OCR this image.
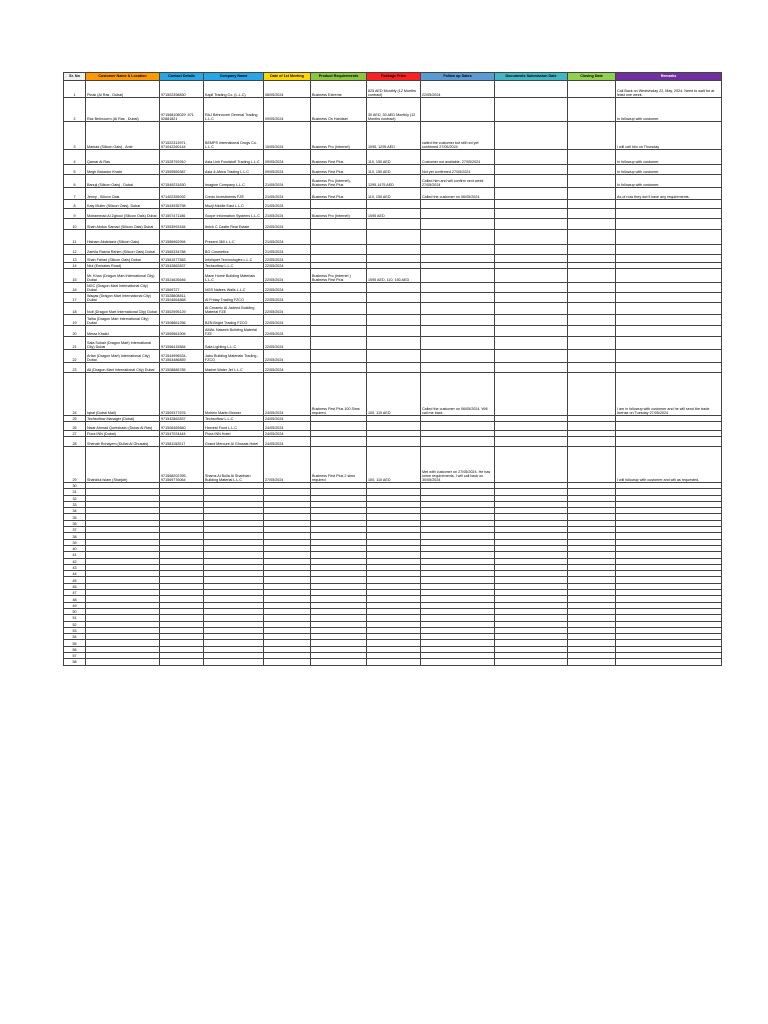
Sr. No	Customer Name & Location	Contact Details	Company Name	Date of 1st Meeting	Product Requirements	Package Price	Follow up Dates	Documents Submission Date	Closing Date	Remarks
1	Pinak (Al Ras , Dubai)	971502398830	Kapil Trading Co. (L.L.C)	08/05/2024	Business Extreme	825 AED Monthly (12 Months contract)	22/05/2024			Call Back on Wednesday 22, May, 2024. Need to wait for at least one week.
2	Raz Behnoorm (Al Ras , Dubai)	971568108029 ,971 52881821	RAJ Behnoorm General Trading L.L.C	09/05/2024	Business On Handset	30 AED, 30 AED Monthly (12 Months contract)				In followup with customer.
3	Mamad (Silicon Oais) , Amir	971522313971, 971042260144	BEMPS International Drugs Co. L.L.C	15/05/2024	Business Pro (Internet)	1095, 1295 AED	called the customer but still not yet confirmed 27/05/2024			I will call him on Thursday
4	Qamar Al Ras	971528792910	Asia Link Foodstuff Trading L.L.C	09/05/2024	Business First Plus	110, 150 AED	Customer not available. 27/05/2024			In followup with customer.
5	Megh Bahadur Khatri	971559569387	Asia & Africa Trading L.L.C	09/05/2024	Business First Plus	110, 150 AED	Not yet confirmed 27/05/2024			In followup with customer.
6	Banuji (Silicon Oais) , Dubai	971549231630	Imagine Company L.L.C	21/05/2024	Business Pro (Internet), Business First Plus	1295,1475 AED	Called him and will confirm next week 27/05/2024			In followup with customer.
7	Jenny , Silicon Oais	971402355092	Credo Investments FZE	21/05/2024	Business First Plus	110, 150 AED	Called the customer on 06/05/2024.			As of now they don't have any requirements.
8	Katy Muller (Silicon Oais), Dubai	971543935798	Muzji Middle East L.L.C	21/05/2024						
9	Mohammad Al Zghoul (Silicon Oais) Dubai	971507471186	Scope Information Systems L.L.C	21/05/2024	Business Pro (Internet)	1095 AED				
10	Shah Abdus Samad (Silicon Oais) Dubai	971553993184	Ibrich C Castle Real Estate	22/05/2024						
11	Hisham Abdelaziz (Silicon Oais)	971586962994	Present 360 L.L.C	21/05/2024						
12	Zamila Rasha Rahim (Silicon Oais) Dubai	971565334788	BG Cosmetics	21/05/2024						
13	Shah Fahad (Silicon Oais) Dubai	971581577583	Infoliquet Technologies L.L.C	22/05/2024						
14	Niul (Emirates Road)	971542862837	Techsoftow L.L.C	22/05/2024						
15	Mr. Khan (Dragon Mart International City) Dubai	971524626546	Maze Home Building Materials L.L.C	22/05/2024	Business Pro (Internet ) Business First Plus	1095 AED, 110, 150 AED				
16	NGC (Dragon Mart International City) Dubai	971569727	NGS Nafees Walls L.L.C	22/05/2024						
17	Waqas (Dragon Mart International City) Dubai	971528808811, 971504564868	Al Friday Trading FZCO	22/05/2024						
18	Nuif (Dragon Mart International City) Dubai	971502995129	Al Ceramic Al Jadeed Building Material FZE	22/05/2024						
19	Talha (Dragon Mart International City) Dubai	971508861256	BZN Bright Trading FZCO	22/05/2024						
20	Meraz Khalid	971559561905	AMAL Naseeb Building Material FZE	22/05/2024						
21	Sala Sohail (Dragon Mart) International City) Dubai	971556415584	Sala Lighting L.L.C	22/05/2024						
22	Arfan (Dragon Mart) International City) Dubai	971544996534, 971563486859	Jabo Building Materials Trading - FZCO	22/05/2024						
23	Ali (Dragon Mart International City) Dubai	971508886785	Marbel Water Jet L.L.C	22/05/2024						
24	Iqbal (Dubai Mall)	971509377676	Mohelo Martin Brower	24/05/2024	Business First Plus 100 Sims required.	100, 110 AED	Called the customer on 06/05/2024. Will call me back.			I am in followup with customer and he will send the trade license on Tuesday 27/05/2024
25	Techsoftow Manager (Dubai)	971542862837	Techsoftow L.L.C	24/05/2024						
26	Nisar Ahmad Qureshadu (Dubai Al Ras)	971506469840	Harvest Food L.L.C	24/05/2024						
27	Flora INN (Dubai)	971547024444	Flora INN Hotel	24/05/2024						
28	Shehab Rohayem (Dubai Al Ghusais)	971581152017	Grand Mercure Al Ghusais Hotel	24/05/2024						
29	Shahidul Islam (Sharjah)	971568202395, 971569776064	Shams Al Bolla Al Shabbiah Building Material L.L.C	27/05/2024	Business First Plus 2 sims required	100, 110 AED	Met with customer on 27/05/2024. He has some requirements. I will call back on 30/05/2024			I will followup with customer and will as requested.
30										
31										
32										
33										
34										
35										
36										
37										
38										
39										
40										
41										
42										
43										
44										
45										
46										
47										
48										
49										
50										
51										
52										
53										
54										
55										
56										
57										
58										
